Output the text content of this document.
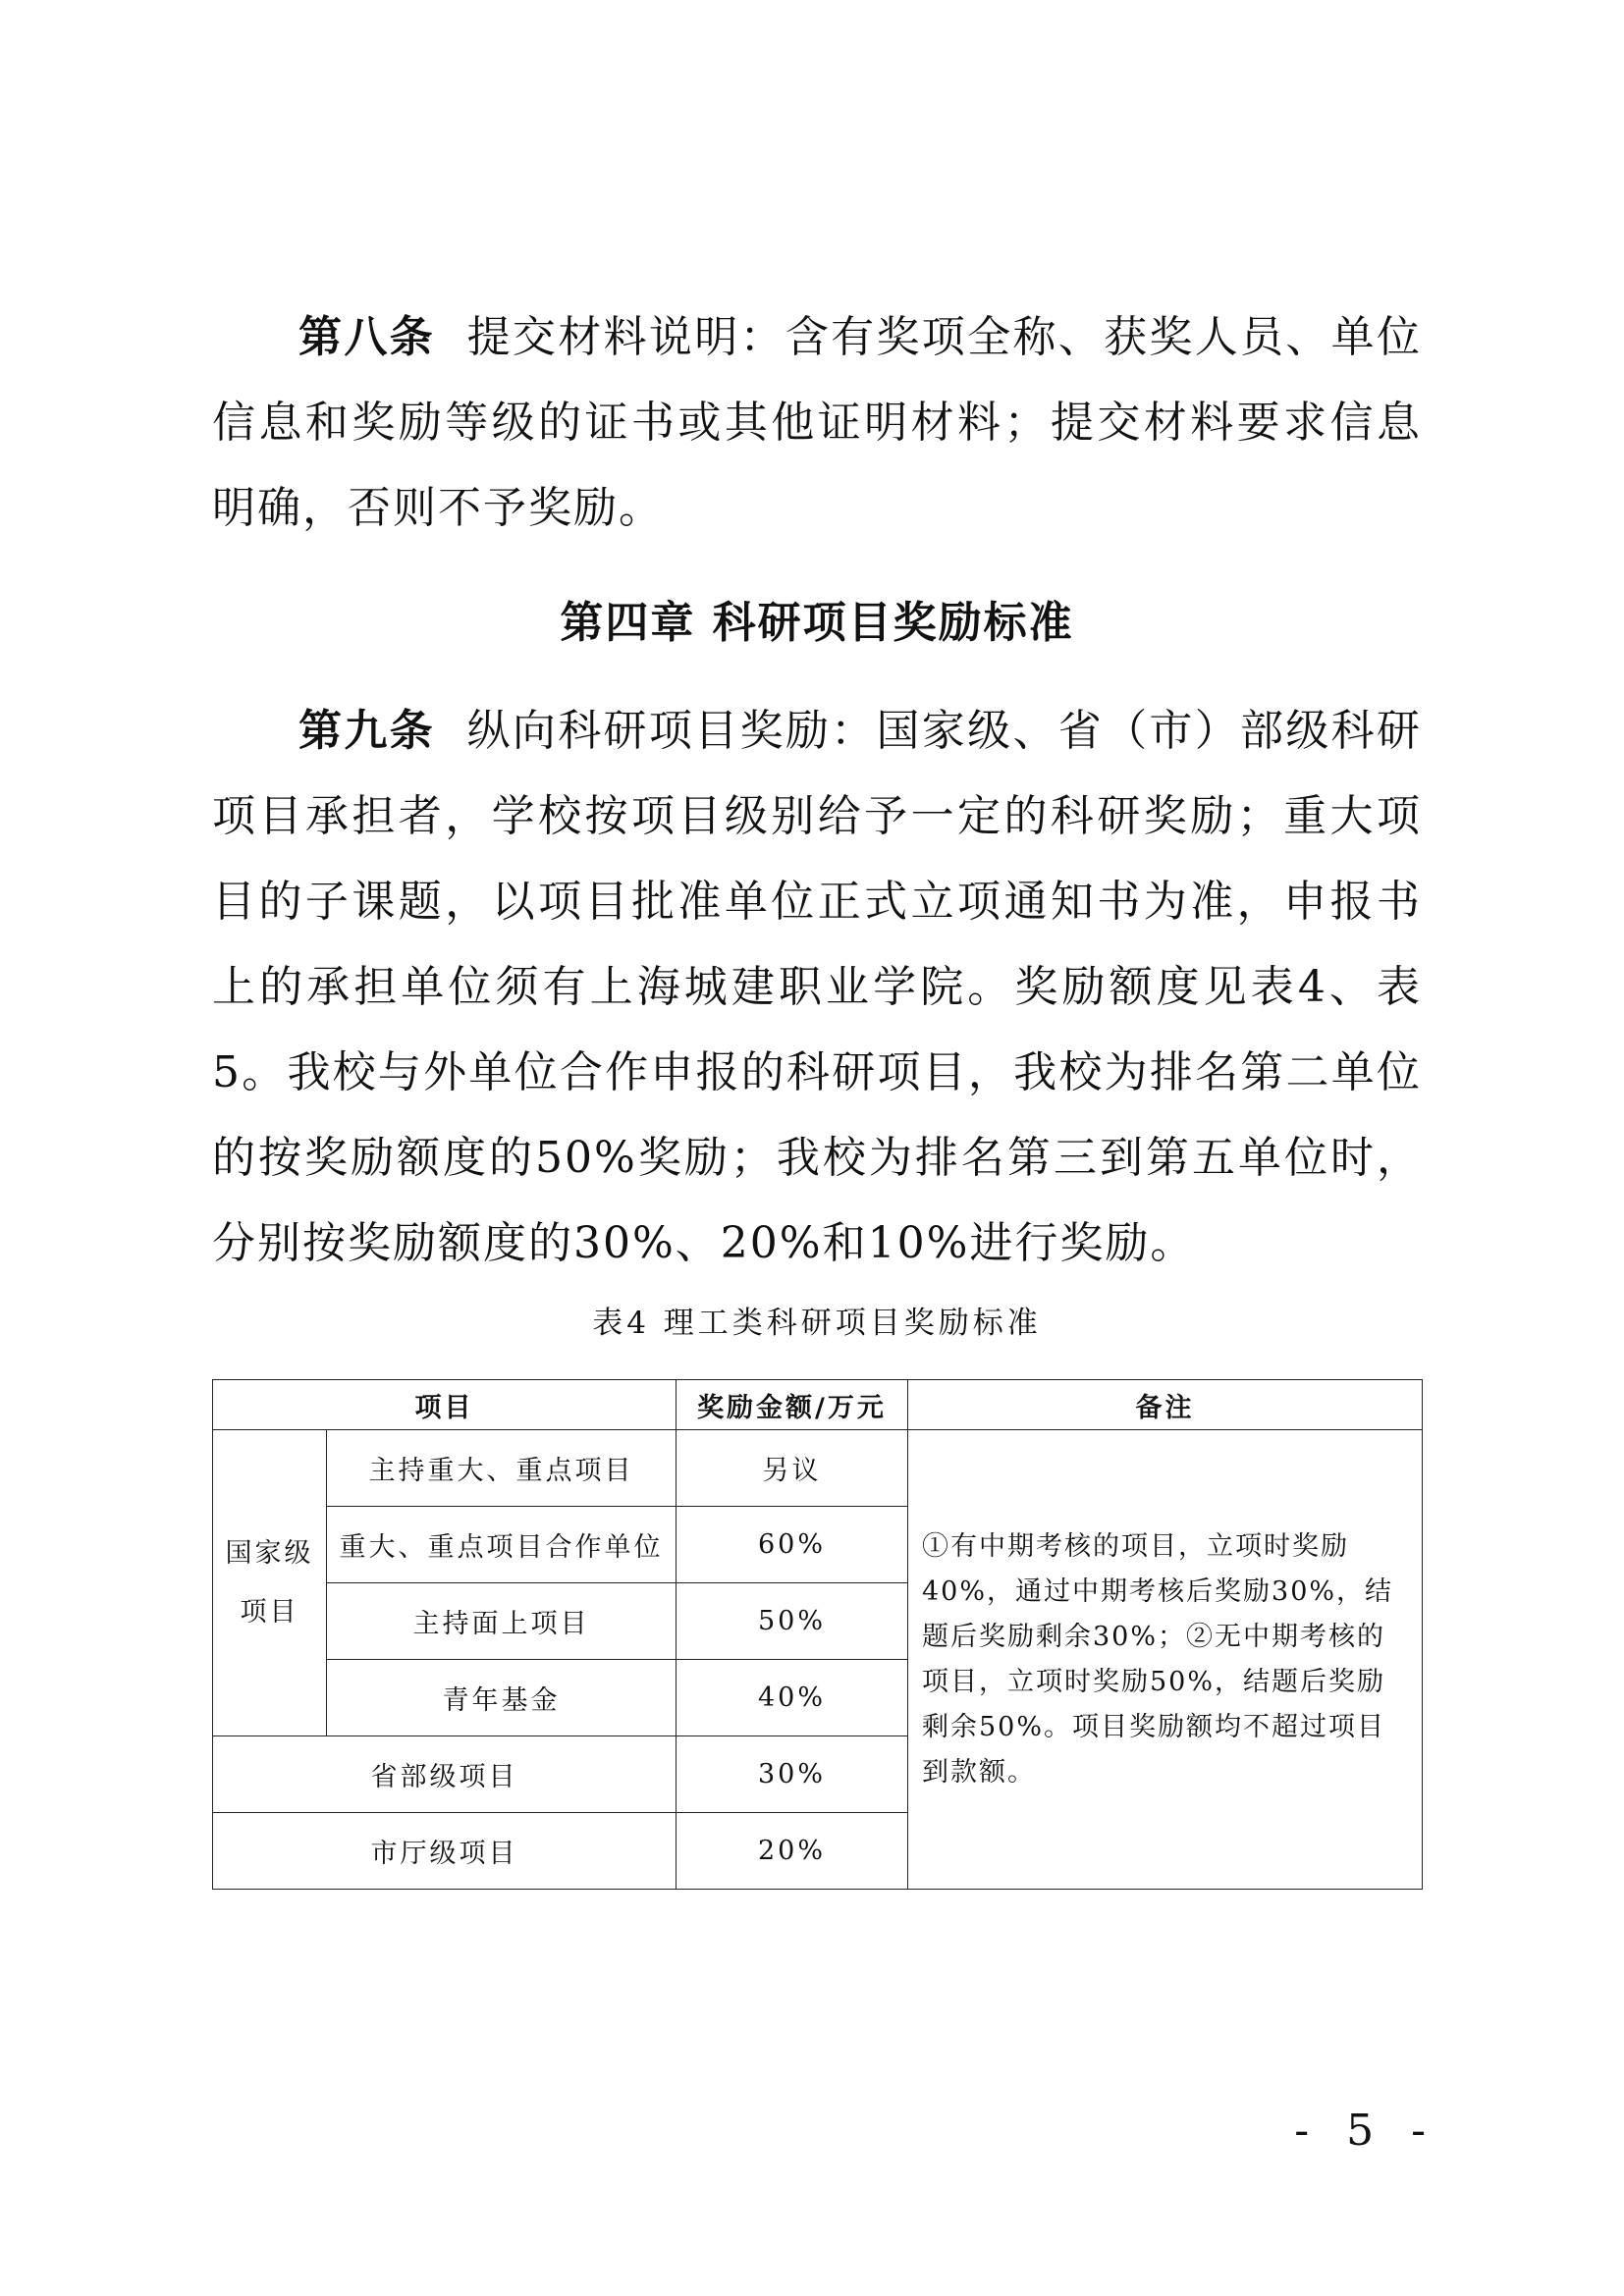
第八条 提交材料说明：含有奖项全称、获奖人员、单位信息和奖励等级的证书或其他证明材料；提交材料要求信息明确，否则不予奖励。

第四章 科研项目奖励标准

第九条 纵向科研项目奖励：国家级、省（市）部级科研项目承担者，学校按项目级别给予一定的科研奖励；重大项目的子课题，以项目批准单位正式立项通知书为准，申报书上的承担单位须有上海城建职业学院。奖励额度见表4、表5。我校与外单位合作申报的科研项目，我校为排名第二单位的按奖励额度的50%奖励；我校为排名第三到第五单位时，分别按奖励额度的30%、20%和10%进行奖励。

表4 理工类科研项目奖励标准

项目		奖励金额/万元	备注
国家级
项目	主持重大、重点项目	另议	①有中期考核的项目，立项时奖励40%，通过中期考核后奖励30%，结题后奖励剩余30%；②无中期考核的项目，立项时奖励50%，结题后奖励剩余50%。项目奖励额均不超过项目到款额。
	重大、重点项目合作单位	60%	
	主持面上项目	50%	
	青年基金	40%	
省部级项目		30%	
市厅级项目		20%	

- 5 -
